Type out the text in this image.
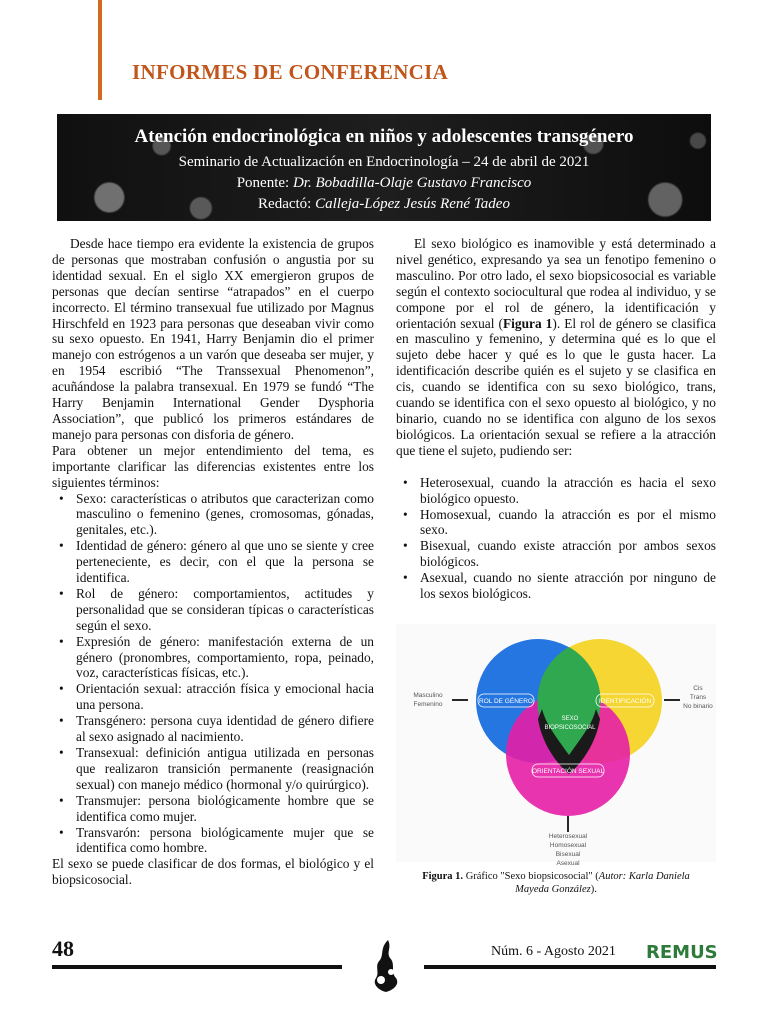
INFORMES DE CONFERENCIA
Atención endocrinológica en niños y adolescentes transgénero
Seminario de Actualización en Endocrinología – 24 de abril de 2021
Ponente: Dr. Bobadilla-Olaje Gustavo Francisco
Redactó: Calleja-López Jesús René Tadeo

Desde hace tiempo era evidente la existencia de grupos de personas que mostraban confusión o angustia por su identidad sexual. En el siglo XX emergieron grupos de personas que decían sentirse “atrapados” en el cuerpo incorrecto. El término transexual fue utilizado por Magnus Hirschfeld en 1923 para personas que deseaban vivir como su sexo opuesto. En 1941, Harry Benjamin dio el primer manejo con estrógenos a un varón que deseaba ser mujer, y en 1954 escribió “The Transsexual Phenomenon”, acuñándose la palabra transexual. En 1979 se fundó “The Harry Benjamin International Gender Dysphoria Association”, que publicó los primeros estándares de manejo para personas con disforia de género.

Para obtener un mejor entendimiento del tema, es importante clarificar las diferencias existentes entre los siguientes términos:

• Sexo: características o atributos que caracterizan como masculino o femenino (genes, cromosomas, gónadas, genitales, etc.).
• Identidad de género: género al que uno se siente y cree perteneciente, es decir, con el que la persona se identifica.
• Rol de género: comportamientos, actitudes y personalidad que se consideran típicas o características según el sexo.
• Expresión de género: manifestación externa de un género (pronombres, comportamiento, ropa, peinado, voz, características físicas, etc.).
• Orientación sexual: atracción física y emocional hacia una persona.
• Transgénero: persona cuya identidad de género difiere al sexo asignado al nacimiento.
• Transexual: definición antigua utilizada en personas que realizaron transición permanente (reasignación sexual) con manejo médico (hormonal y/o quirúrgico).
• Transmujer: persona biológicamente hombre que se identifica como mujer.
• Transvarón: persona biológicamente mujer que se identifica como hombre.

El sexo se puede clasificar de dos formas, el biológico y el biopsicosocial.

El sexo biológico es inamovible y está determinado a nivel genético, expresando ya sea un fenotipo femenino o masculino. Por otro lado, el sexo biopsicosocial es variable según el contexto sociocultural que rodea al individuo, y se compone por el rol de género, la identificación y orientación sexual (Figura 1). El rol de género se clasifica en masculino y femenino, y determina qué es lo que el sujeto debe hacer y qué es lo que le gusta hacer. La identificación describe quién es el sujeto y se clasifica en cis, cuando se identifica con su sexo biológico, trans, cuando se identifica con el sexo opuesto al biológico, y no binario, cuando no se identifica con alguno de los sexos biológicos. La orientación sexual se refiere a la atracción que tiene el sujeto, pudiendo ser:

• Heterosexual, cuando la atracción es hacia el sexo biológico opuesto.
• Homosexual, cuando la atracción es por el mismo sexo.
• Bisexual, cuando existe atracción por ambos sexos biológicos.
• Asexual, cuando no siente atracción por ninguno de los sexos biológicos.
SEXO
BIOPSICOSOCIAL
ROL DE GÉNERO	IDENTIFICACIÓN
ORIENTACIÓN SEXUAL
Masculino
Femenino
Cis
Trans
No binario
Heterosexual
Homosexual
Bisexual
Asexual
Figura 1. Gráfico "Sexo biopsicosocial" (Autor: Karla Daniela Mayeda González).
48	Núm. 6 - Agosto 2021 REMUS
